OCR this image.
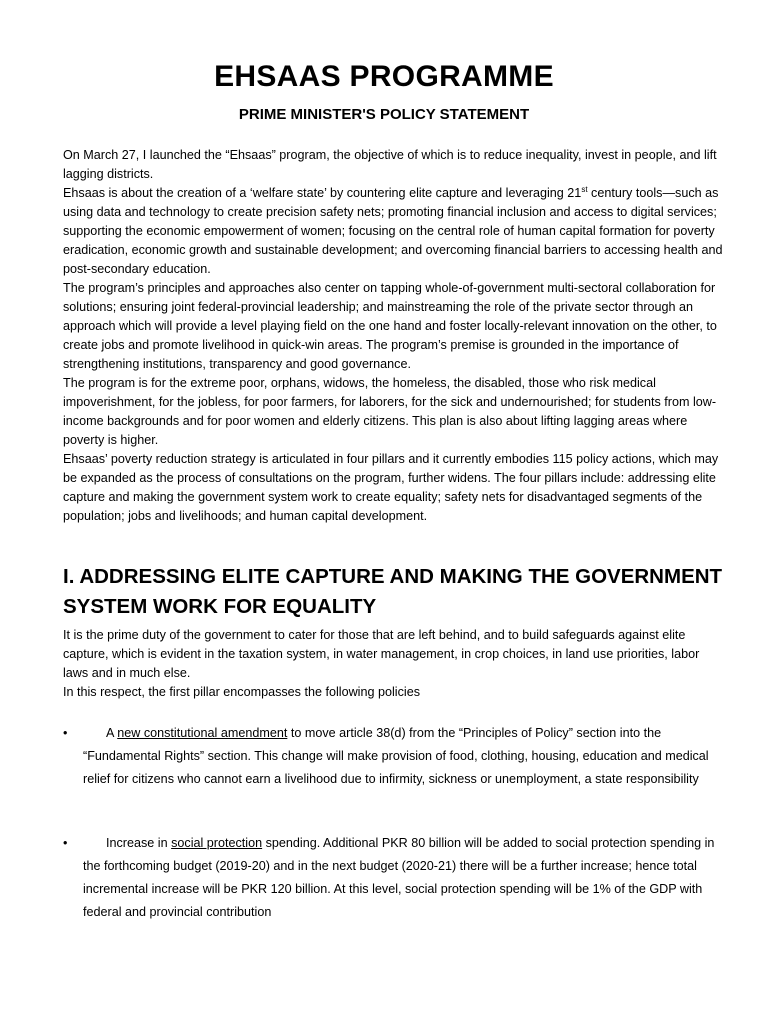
EHSAAS PROGRAMME
PRIME MINISTER'S POLICY STATEMENT

On March 27, I launched the “Ehsaas” program, the objective of which is to reduce inequality, invest in people, and lift lagging districts.

Ehsaas is about the creation of a ‘welfare state’ by countering elite capture and leveraging 21st century tools—such as using data and technology to create precision safety nets; promoting financial inclusion and access to digital services; supporting the economic empowerment of women; focusing on the central role of human capital formation for poverty eradication, economic growth and sustainable development; and overcoming financial barriers to accessing health and post-secondary education.

The program’s principles and approaches also center on tapping whole-of-government multi-sectoral collaboration for solutions; ensuring joint federal-provincial leadership; and mainstreaming the role of the private sector through an approach which will provide a level playing field on the one hand and foster locally-relevant innovation on the other, to create jobs and promote livelihood in quick-win areas. The program’s premise is grounded in the importance of strengthening institutions, transparency and good governance.

The program is for the extreme poor, orphans, widows, the homeless, the disabled, those who risk medical impoverishment, for the jobless, for poor farmers, for laborers, for the sick and undernourished; for students from low-income backgrounds and for poor women and elderly citizens. This plan is also about lifting lagging areas where poverty is higher.

Ehsaas’ poverty reduction strategy is articulated in four pillars and it currently embodies 115 policy actions, which may be expanded as the process of consultations on the program, further widens. The four pillars include: addressing elite capture and making the government system work to create equality; safety nets for disadvantaged segments of the population; jobs and livelihoods; and human capital development.

I. ADDRESSING ELITE CAPTURE AND MAKING THE GOVERNMENT SYSTEM WORK FOR EQUALITY

It is the prime duty of the government to cater for those that are left behind, and to build safeguards against elite capture, which is evident in the taxation system, in water management, in crop choices, in land use priorities, labor laws and in much else.

In this respect, the first pillar encompasses the following policies

•	A new constitutional amendment to move article 38(d) from the “Principles of Policy” section into the “Fundamental Rights” section. This change will make provision of food, clothing, housing, education and medical relief for citizens who cannot earn a livelihood due to infirmity, sickness or unemployment, a state responsibility
•	Increase in social protection spending. Additional PKR 80 billion will be added to social protection spending in the forthcoming budget (2019-20) and in the next budget (2020-21) there will be a further increase; hence total incremental increase will be PKR 120 billion. At this level, social protection spending will be 1% of the GDP with federal and provincial contribution
